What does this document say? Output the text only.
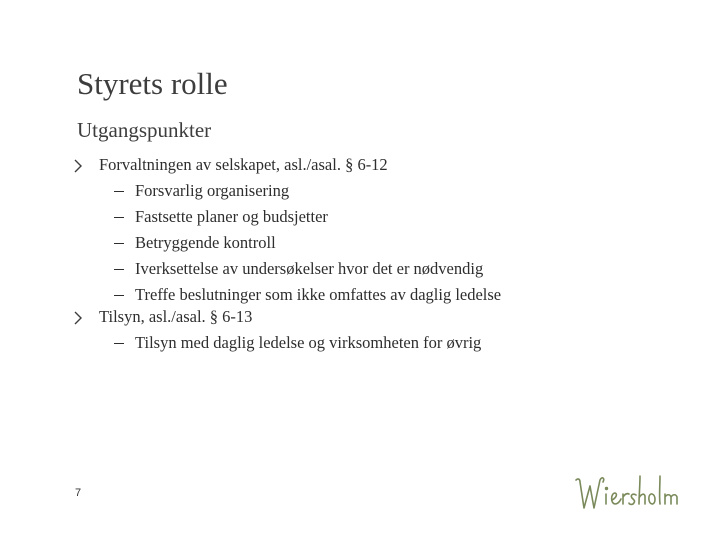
Styrets rolle
Utgangspunkter
Forvaltningen av selskapet, asl./asal. § 6-12
Forsvarlig organisering
Fastsette planer og budsjetter
Betryggende kontroll
Iverksettelse av undersøkelser hvor det er nødvendig
Treffe beslutninger som ikke omfattes av daglig ledelse
Tilsyn, asl./asal. § 6-13
Tilsyn med daglig ledelse og virksomheten for øvrig
7
